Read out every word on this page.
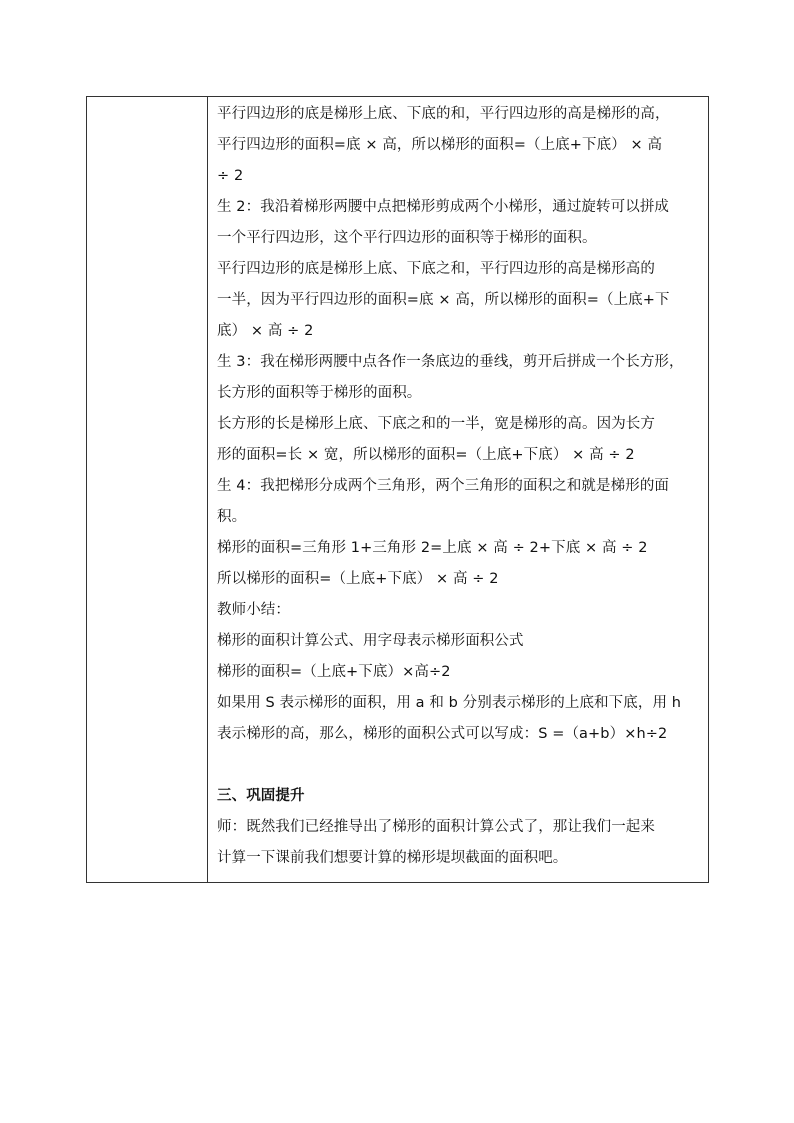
平行四边形的底是梯形上底、下底的和，平行四边形的高是梯形的高，
平行四边形的面积=底 × 高，所以梯形的面积=（上底+下底） × 高
÷ 2
生 2：我沿着梯形两腰中点把梯形剪成两个小梯形，通过旋转可以拼成
一个平行四边形，这个平行四边形的面积等于梯形的面积。
平行四边形的底是梯形上底、下底之和，平行四边形的高是梯形高的
一半，因为平行四边形的面积=底 × 高，所以梯形的面积=（上底+下
底） × 高 ÷ 2
生 3：我在梯形两腰中点各作一条底边的垂线，剪开后拼成一个长方形，
长方形的面积等于梯形的面积。
长方形的长是梯形上底、下底之和的一半，宽是梯形的高。因为长方
形的面积=长 × 宽，所以梯形的面积=（上底+下底） × 高 ÷ 2
生 4：我把梯形分成两个三角形，两个三角形的面积之和就是梯形的面
积。
梯形的面积=三角形 1+三角形 2=上底 × 高 ÷ 2+下底 × 高 ÷ 2
所以梯形的面积=（上底+下底） × 高 ÷ 2
教师小结：
梯形的面积计算公式、用字母表示梯形面积公式
梯形的面积=（上底+下底）×高÷2
如果用 S 表示梯形的面积，用 a 和 b 分别表示梯形的上底和下底，用 h
表示梯形的高，那么，梯形的面积公式可以写成：S =（a+b）×h÷2
三、巩固提升
师：既然我们已经推导出了梯形的面积计算公式了，那让我们一起来
计算一下课前我们想要计算的梯形堤坝截面的面积吧。
